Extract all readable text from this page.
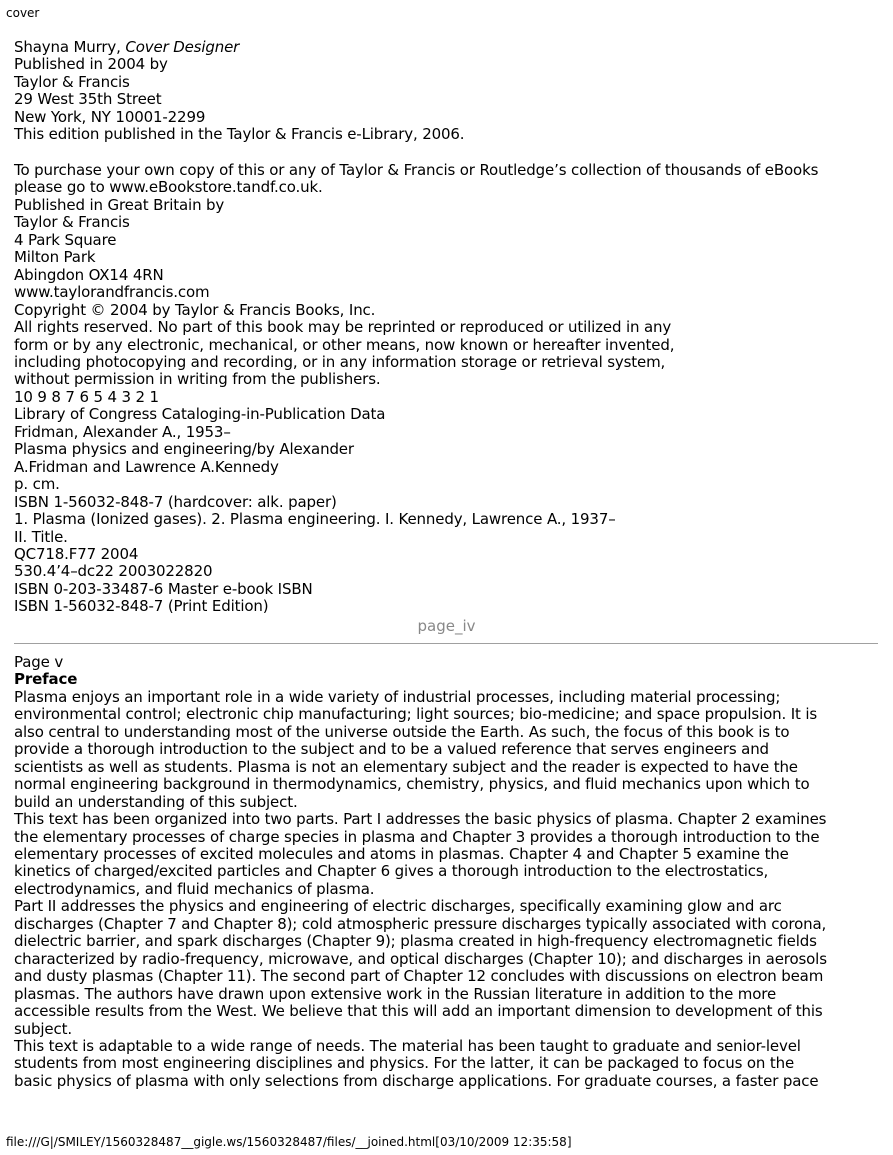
cover
Shayna Murry, Cover Designer
Published in 2004 by
Taylor & Francis
29 West 35th Street
New York, NY 10001-2299
This edition published in the Taylor & Francis e-Library, 2006.
To purchase your own copy of this or any of Taylor & Francis or Routledge’s collection of thousands of eBooks
please go to www.eBookstore.tandf.co.uk.
Published in Great Britain by
Taylor & Francis
4 Park Square
Milton Park
Abingdon OX14 4RN
www.taylorandfrancis.com
Copyright © 2004 by Taylor & Francis Books, Inc.
All rights reserved. No part of this book may be reprinted or reproduced or utilized in any
form or by any electronic, mechanical, or other means, now known or hereafter invented,
including photocopying and recording, or in any information storage or retrieval system,
without permission in writing from the publishers.
10 9 8 7 6 5 4 3 2 1
Library of Congress Cataloging-in-Publication Data
Fridman, Alexander A., 1953–
Plasma physics and engineering/by Alexander
A.Fridman and Lawrence A.Kennedy
p. cm.
ISBN 1-56032-848-7 (hardcover: alk. paper)
1. Plasma (Ionized gases). 2. Plasma engineering. I. Kennedy, Lawrence A., 1937–
II. Title.
QC718.F77 2004
530.4’4–dc22 2003022820
ISBN 0-203-33487-6 Master e-book ISBN
ISBN 1-56032-848-7 (Print Edition)
page_iv
Page v
Preface
Plasma enjoys an important role in a wide variety of industrial processes, including material processing;
environmental control; electronic chip manufacturing; light sources; bio-medicine; and space propulsion. It is
also central to understanding most of the universe outside the Earth. As such, the focus of this book is to
provide a thorough introduction to the subject and to be a valued reference that serves engineers and
scientists as well as students. Plasma is not an elementary subject and the reader is expected to have the
normal engineering background in thermodynamics, chemistry, physics, and fluid mechanics upon which to
build an understanding of this subject.
This text has been organized into two parts. Part I addresses the basic physics of plasma. Chapter 2 examines
the elementary processes of charge species in plasma and Chapter 3 provides a thorough introduction to the
elementary processes of excited molecules and atoms in plasmas. Chapter 4 and Chapter 5 examine the
kinetics of charged/excited particles and Chapter 6 gives a thorough introduction to the electrostatics,
electrodynamics, and fluid mechanics of plasma.
Part II addresses the physics and engineering of electric discharges, specifically examining glow and arc
discharges (Chapter 7 and Chapter 8); cold atmospheric pressure discharges typically associated with corona,
dielectric barrier, and spark discharges (Chapter 9); plasma created in high-frequency electromagnetic fields
characterized by radio-frequency, microwave, and optical discharges (Chapter 10); and discharges in aerosols
and dusty plasmas (Chapter 11). The second part of Chapter 12 concludes with discussions on electron beam
plasmas. The authors have drawn upon extensive work in the Russian literature in addition to the more
accessible results from the West. We believe that this will add an important dimension to development of this
subject.
This text is adaptable to a wide range of needs. The material has been taught to graduate and senior-level
students from most engineering disciplines and physics. For the latter, it can be packaged to focus on the
basic physics of plasma with only selections from discharge applications. For graduate courses, a faster pace
file:///G|/SMILEY/1560328487__gigle.ws/1560328487/files/__joined.html[03/10/2009 12:35:58]
